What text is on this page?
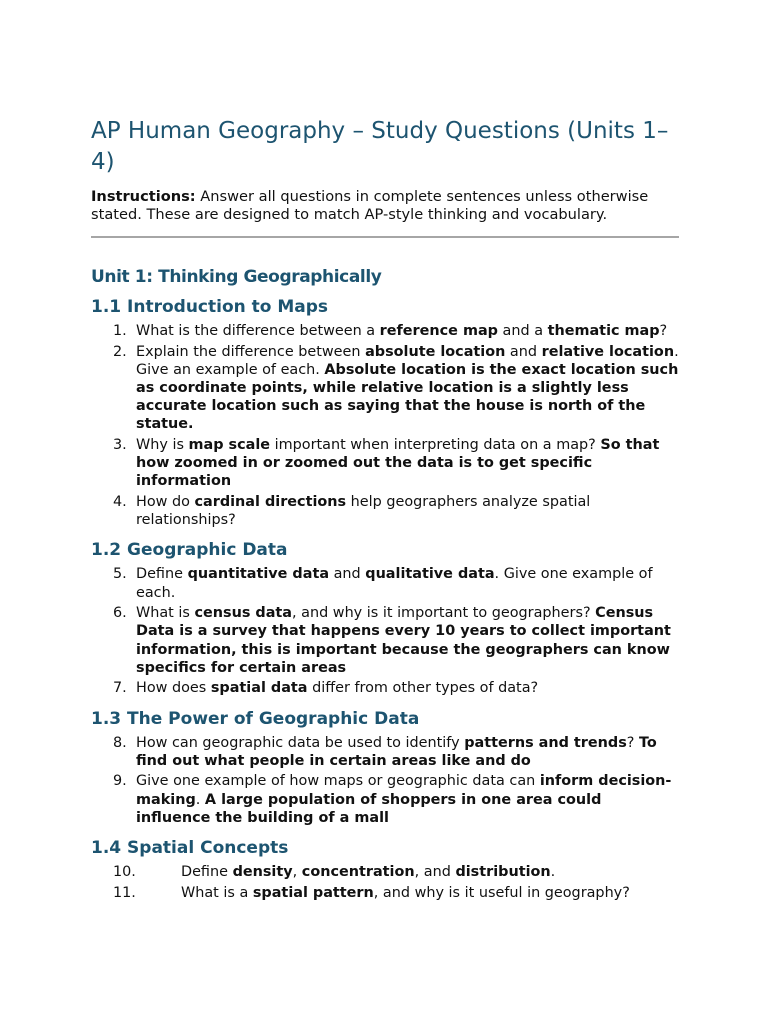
AP Human Geography – Study Questions (Units 1–4)
Instructions: Answer all questions in complete sentences unless otherwise stated. These are designed to match AP-style thinking and vocabulary.
Unit 1: Thinking Geographically
1.1 Introduction to Maps
1. What is the difference between a reference map and a thematic map?
2. Explain the difference between absolute location and relative location. Give an example of each. Absolute location is the exact location such as coordinate points, while relative location is a slightly less accurate location such as saying that the house is north of the statue.
3. Why is map scale important when interpreting data on a map? So that how zoomed in or zoomed out the data is to get specific information
4. How do cardinal directions help geographers analyze spatial relationships?
1.2 Geographic Data
5. Define quantitative data and qualitative data. Give one example of each.
6. What is census data, and why is it important to geographers? Census Data is a survey that happens every 10 years to collect important information, this is important because the geographers can know specifics for certain areas
7. How does spatial data differ from other types of data?
1.3 The Power of Geographic Data
8. How can geographic data be used to identify patterns and trends? To find out what people in certain areas like and do
9. Give one example of how maps or geographic data can inform decision-making. A large population of shoppers in one area could influence the building of a mall
1.4 Spatial Concepts
10.	Define density, concentration, and distribution.
11.	What is a spatial pattern, and why is it useful in geography?
